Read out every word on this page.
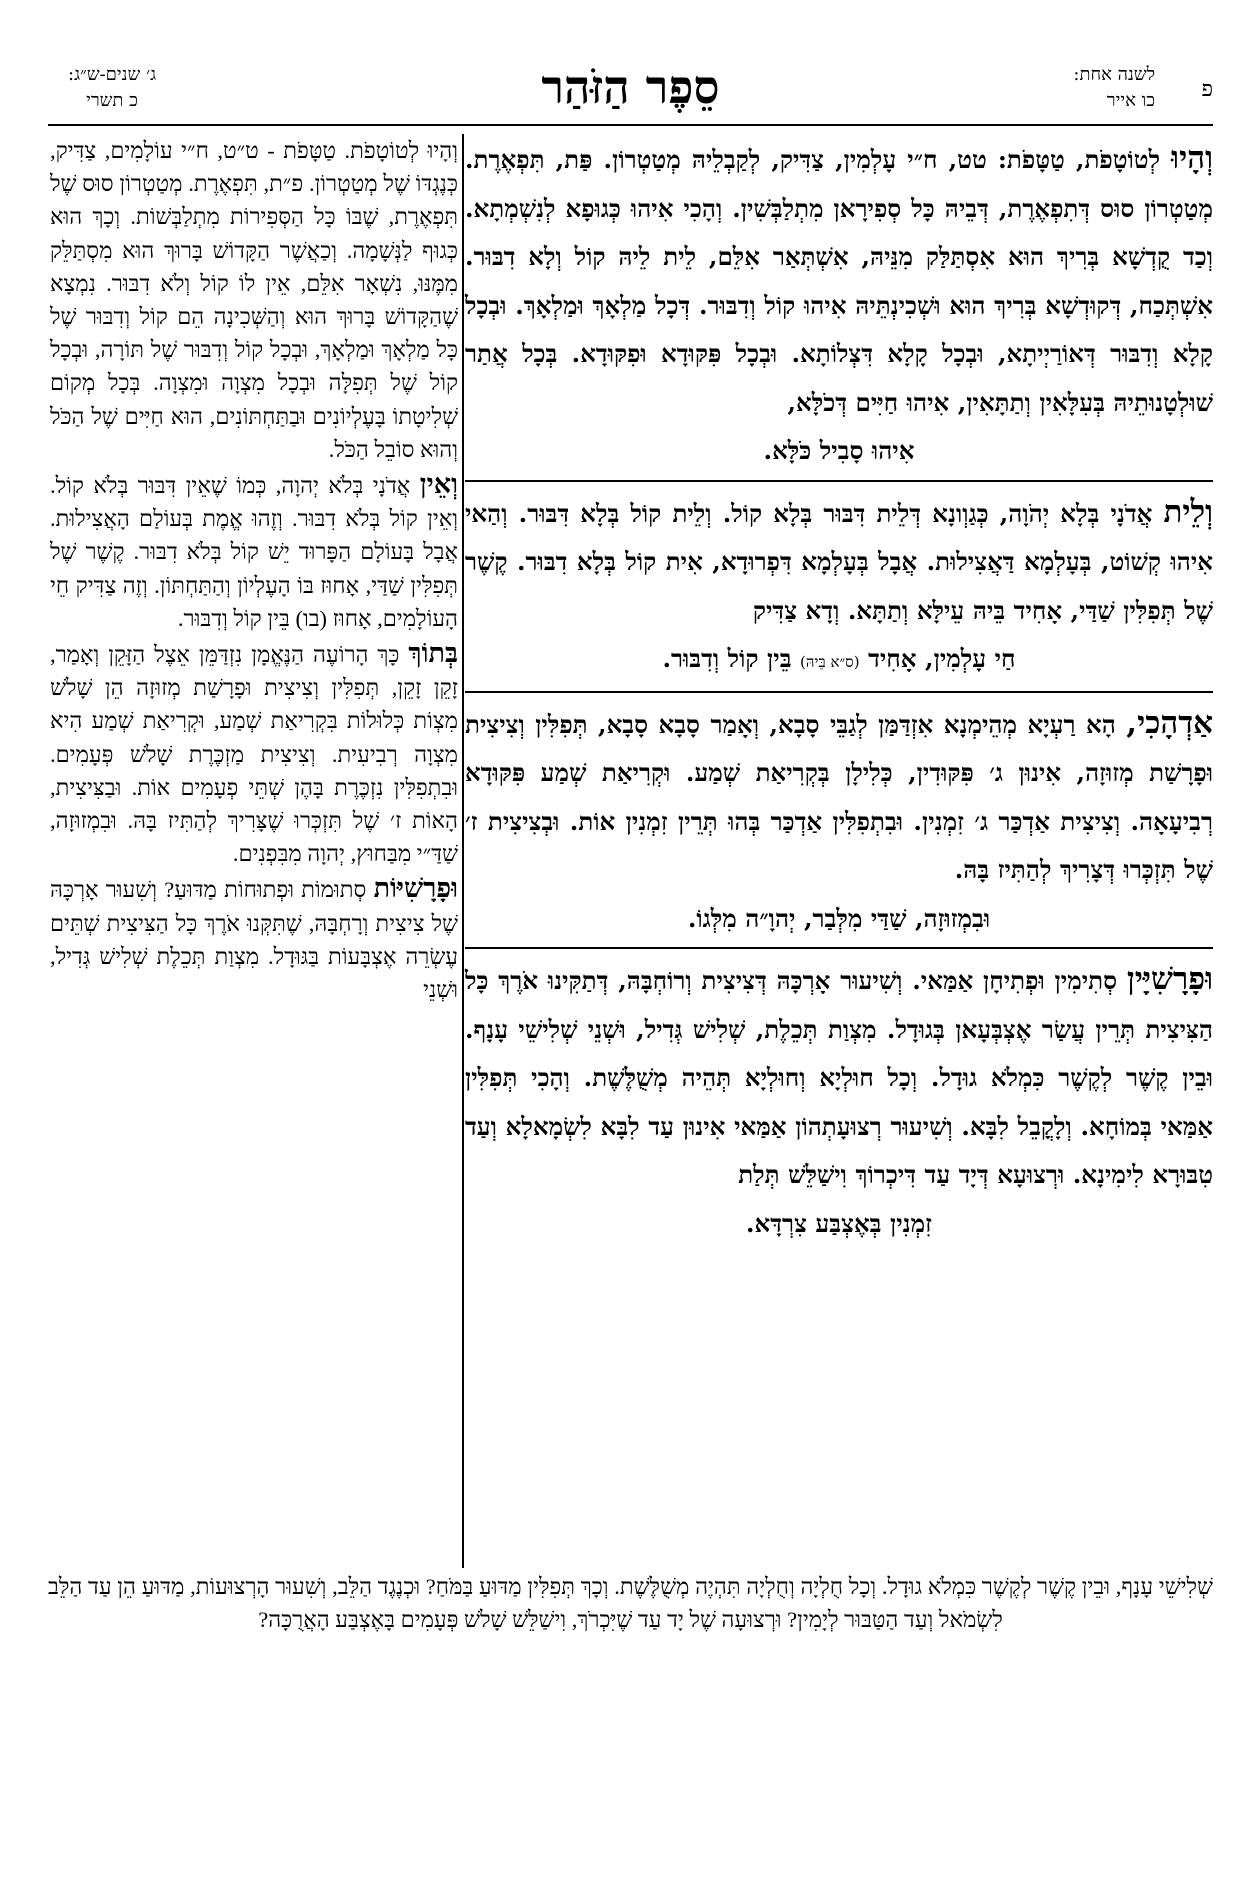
פ
לשנה אחת:
כו אייר
סֵפֶר הַזֹּהַר
ג׳ שנים-ש״ג:
כ תשרי

וְהָיוּ לְטוֹטָפֹת, טַטָּפֹת: טט, ח״י עָלְמִין, צַדִּיק, לְקַבְלֵיהּ מְטַטְרוֹן. פַּת, תִּפְאֶרֶת. מְטַטְרוֹן סוּס דְּתִפְאֶרֶת, דְּבֵיהּ כָּל סְפִירָאן מִתְלַבְּשִׁין. וְהָכִי אִיהוּ כְּגוּפָא לְנִשְׁמְתָא. וְכַד קֻדְשָׁא בְּרִיךְ הוּא אִסְתַּלַּק מִנֵּיהּ, אִשְׁתְּאַר אִלֵּם, לֵית לֵיהּ קוֹל וְלָא דִבּוּר. אִשְׁתְּכַח, דְּקוּדְשָׁא בְּרִיךְ הוּא וּשְׁכִינְתֵּיהּ אִיהוּ קוֹל וְדִבּוּר. דְּכָל מַלְאָךְ וּמַלְאָךְ. וּבְכָל קָלָא וְדִבּוּר דְּאוֹרַיְיתָא, וּבְכָל קָלָא דִּצְלוֹתָא. וּבְכָל פִּקּוּדָא וּפִקּוּדָא. בְּכָל אֲתַר שׁוּלְטָנוּתֵיהּ בְּעִלָּאִין וְתַתָּאִין, אִיהוּ חַיִּים דְּכֹלָּא,

אִיהוּ סָבִיל כֹּלָּא.

וְלֵית אֲדֹנָי בְּלָא יְהֹוָה, כְּגַוְונָא דְּלֵית דִּבּוּר בְּלָא קוֹל. וְלֵית קוֹל בְּלָא דִּבּוּר. וְהַאי אִיהוּ קְשׁוֹט, בְּעָלְמָא דַּאֲצִילוּת. אֲבָל בְּעָלְמָא דִּפְרוּדָא, אִית קוֹל בְּלָא דִבּוּר. קֶשֶׁר שֶׁל תְּפִלִּין שַׁדַּי, אָחִיד בֵּיהּ עֵילָּא וְתַתָּא. וְדָא צַדִּיק

חַי עָלְמִין, אָחִיד (ס״א בֵּיהּ) בֵּין קוֹל וְדִבּוּר.

אַדְהָכִי, הָא רַעְיָא מְהֵימְנָא אִזְדַּמַּן לְגַבֵּי סָבָא, וְאָמַר סָבָא סָבָא, תְּפִלִּין וְצִיצִית וּפָרָשַׁת מְזוּזָה, אִינוּן ג׳ פִּקּוּדִין, כְּלִילָן בְּקְרִיאַת שְׁמַע. וּקְרִיאַת שְׁמַע פִּקּוּדָא רְבִיעָאָה. וְצִיצִית אַדְכַּר ג׳ זִמְנִין. וּבִתְפִלִּין אַדְכַּר בְּהוּ תְּרֵין זִמְנִין אוֹת. וּבְצִיצִית ז׳ שֶׁל תִּזְכְּרוּ דְּצָרִיךְ לְהַתִּיז בָּהּ.

וּבִמְזוּזָה, שַׁדַּי מִלְּבַר, יְהוָ״ה מִלְּגוֹ.

וּפָרָשִׁיָּין סְתִימִין וּפְתִיחָן אַמַּאי. וְשִׁיעוּר אָרְכָּהּ דְּצִיצִית וְרוֹחְבָּהּ, דְּתַקִּינוּ אֹרֶךְ כָּל הַצִּיצִית תְּרֵין עֲשַׂר אֶצְבְּעָאן בְּגוּדָל. מִצְוַת תְּכֵלֶת, שְׁלִישׁ גְּדִיל, וּשְׁנֵי שְׁלִישֵׁי עָנָף. וּבֵין קֶשֶׁר לְקֶשֶׁר כִּמְלֹא גוּדָל. וְכָל חוּלְיָא וְחוּלְיָא תְּהֵיה מְשֻׁלֶּשֶׁת. וְהָכִי תְּפִלִּין אַמַּאי בְּמוֹחָא. וְלָקֳבֵל לִבָּא. וְשִׁיעוּר רְצוּעָתְהוֹן אַמַּאי אִינוּן עַד לִבָּא לִשְׂמָאלָא וְעַד טִבּוּרָא לִימִינָא. וּרְצוּעָא דְּיָד עַד דִּיכְרוֹךְ וִישַׁלֵּשׁ תְּלַת

זִמְנִין בְּאֶצְבַּע צִרְדָּא.

וְהָיוּ לְטוֹטָפֹת. טַטָּפֹת - ט״ט, ח״י עוֹלָמִים, צַדִּיק, כְּנֶגְדּוֹ שֶׁל מְטַטְרוֹן. פ״ת, תִּפְאֶרֶת. מְטַטְרוֹן סוּס שֶׁל תִּפְאֶרֶת, שֶׁבּוֹ כָּל הַסְּפִירוֹת מִתְלַבְּשׁוֹת. וְכָךְ הוּא כְּגוּף לַנְּשָׁמָה. וְכַאֲשֶׁר הַקָּדוֹשׁ בָּרוּךְ הוּא מִסְתַּלֵּק מִמֶּנּוּ, נִשְׁאָר אִלֵּם, אֵין לוֹ קוֹל וְלֹא דִבּוּר. נִמְצָא שֶׁהַקָּדוֹשׁ בָּרוּךְ הוּא וְהַשְּׁכִינָה הֵם קוֹל וְדִבּוּר שֶׁל כָּל מַלְאָךְ וּמַלְאָךְ, וּבְכָל קוֹל וְדִבּוּר שֶׁל תּוֹרָה, וּבְכָל קוֹל שֶׁל תְּפִלָּה וּבְכָל מִצְוָה וּמִצְוָה. בְּכָל מְקוֹם שְׁלִיטָתוֹ בָּעֶלְיוֹנִים וּבַתַּחְתּוֹנִים, הוּא חַיִּים שֶׁל הַכֹּל וְהוּא סוֹבֵל הַכֹּל.

וְאֵין אֲדֹנָי בְּלֹא יְהוָה, כְּמוֹ שֶׁאֵין דִּבּוּר בְּלֹא קוֹל. וְאֵין קוֹל בְּלֹא דִבּוּר. וְזֶהוּ אֱמֶת בְּעוֹלַם הָאֲצִילוּת. אֲבָל בָּעוֹלָם הַפָּרוּד יֵשׁ קוֹל בְּלֹא דִבּוּר. קֶשֶׁר שֶׁל תְּפִלִּין שַׁדַּי, אָחוּז בּוֹ הָעֶלְיוֹן וְהַתַּחְתּוֹן. וְזֶה צַדִּיק חֵי הָעוֹלָמִים, אָחוּז (בו) בֵּין קוֹל וְדִבּוּר.

בְּתוֹךְ כָּךְ הָרוֹעֶה הַנֶּאֱמָן נִזְדַּמֵּן אֵצֶל הַזָּקֵן וְאָמַר, זָקֵן זָקֵן, תְּפִלִּין וְצִיצִית וּפָרָשַׁת מְזוּזָה הֵן שָׁלֹשׁ מִצְוֹת כְּלוּלוֹת בִּקְרִיאַת שְׁמַע, וּקְרִיאַת שְׁמַע הִיא מִצְוָה רְבִיעִית. וְצִיצִית מַזְכֶּרֶת שָׁלֹשׁ פְּעָמִים. וּבִתְפִלִּין נִזְכֶּרֶת בָּהֶן שְׁתֵּי פְעָמִים אוֹת. וּבַצִּיצִית, הָאוֹת ז׳ שֶׁל תִּזְכְּרוּ שֶׁצָּרִיךְ לְהַתִּיז בָּהּ. וּבִמְזוּזָה, שַׁדַּ״י מִבַּחוּץ, יְהוָה מִבִּפְנִים.

וּפָרָשִׁיּוֹת סְתוּמוֹת וּפְתוּחוֹת מַדּוּעַ? וְשִׁעוּר אָרְכָּהּ שֶׁל צִיצִית וְרָחְבָּהּ, שֶׁתִּקְּנוּ אֹרֶךְ כָּל הַצִּיצִית שְׁתֵּים עֶשְׂרֵה אֶצְבָּעוֹת בַּגּוּדָל. מִצְוַת תְּכֵלֶת שְׁלִישׁ גְּדִיל, וּשְׁנֵי

שְׁלִישֵׁי עָנָף, וּבֵין קֶשֶׁר לְקֶשֶׁר כִּמְלֹא גוּדָל. וְכָל חֻלְיָה וְחֻלְיָה תִּהְיֶה מְשֻׁלֶּשֶׁת. וְכָךְ תְּפִלִּין מַדּוּעַ בַּמֹּחַ? וּכְנֶגֶד הַלֵּב, וְשִׁעוּר הָרְצוּעוֹת, מַדּוּעַ הֵן עַד הַלֵּב לִשְׂמֹאל וְעַד הַטַּבּוּר לְיָמִין? וּרְצוּעָה שֶׁל יָד עַד שֶׁיִּכְרֹךְ, וִישַׁלֵּשׁ שָׁלֹשׁ פְּעָמִים בָּאֶצְבַּע הָאֲרֻכָּה?
